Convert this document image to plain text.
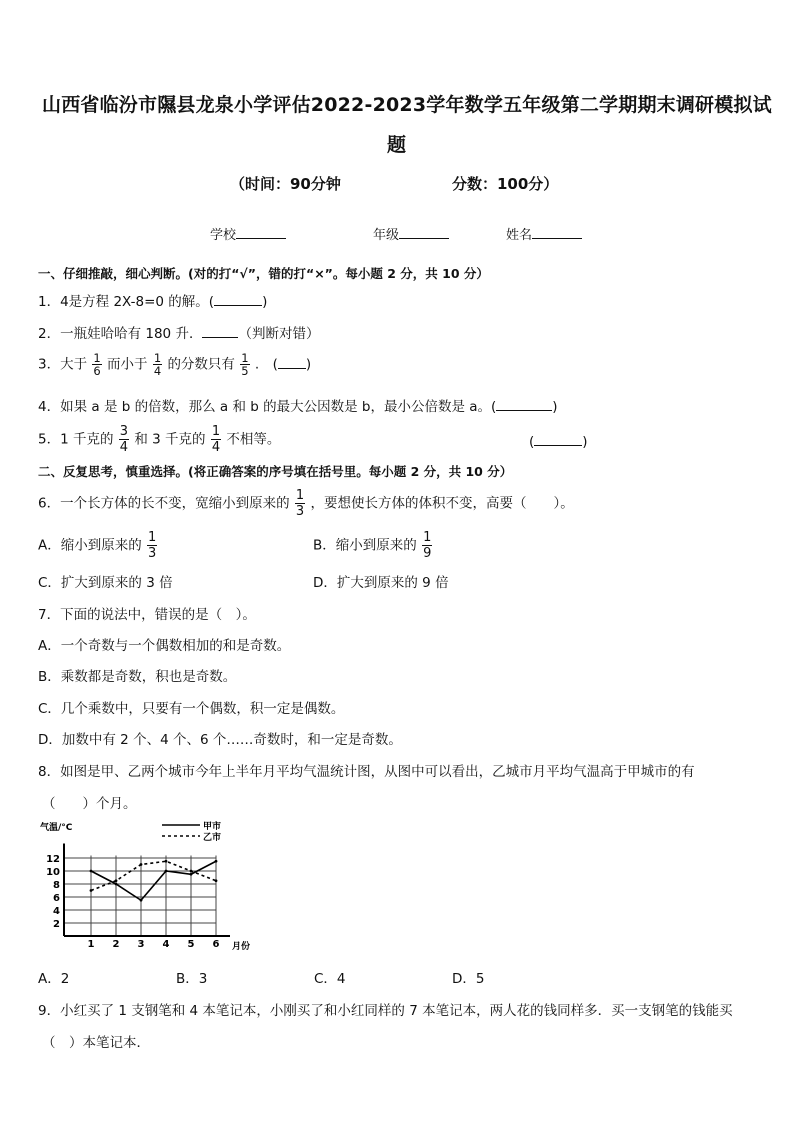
山西省临汾市隰县龙泉小学评估2022-2023学年数学五年级第二学期期末调研模拟试
题
（时间：90分钟	分数：100分）
学校	年级	姓名
一、仔细推敲，细心判断。(对的打“√”，错的打“×”。每小题 2 分，共 10 分）
1．4是方程 2X-8=0 的解。(	)
2．一瓶娃哈哈有 180 升．	（判断对错）
3．大于 $\frac{1}{6}$ 而小于 $\frac{1}{4}$ 的分数只有 $\frac{1}{5}$ .　( )
4．如果 a 是 b 的倍数，那么 a 和 b 的最大公因数是 b，最小公倍数是 a。(	)
5．1 千克的 $\frac{3}{4}$ 和 3 千克的 $\frac{1}{4}$ 不相等。	(	)
二、反复思考，慎重选择。(将正确答案的序号填在括号里。每小题 2 分，共 10 分）
6．一个长方体的长不变，宽缩小到原来的 $\frac{1}{3}$ ，要想使长方体的体积不变，高要（　　）。
A．缩小到原来的 $\frac{1}{3}$	B．缩小到原来的 $\frac{1}{9}$
C．扩大到原来的 3 倍	D．扩大到原来的 9 倍
7．下面的说法中，错误的是（　）。
A．一个奇数与一个偶数相加的和是奇数。
B．乘数都是奇数，积也是奇数。
C．几个乘数中，只要有一个偶数，积一定是偶数。
D．加数中有 2 个、4 个、6 个……奇数时，和一定是奇数。
8．如图是甲、乙两个城市今年上半年月平均气温统计图，从图中可以看出，乙城市月平均气温高于甲城市的有
（　　）个月。
2
4
6
8
10
12
1 2 3 4 5 6
气温/°C
月份
甲市
乙市
A．2	B．3	C．4	D．5
9．小红买了 1 支钢笔和 4 本笔记本，小刚买了和小红同样的 7 本笔记本，两人花的钱同样多．买一支钢笔的钱能买
（　）本笔记本．
